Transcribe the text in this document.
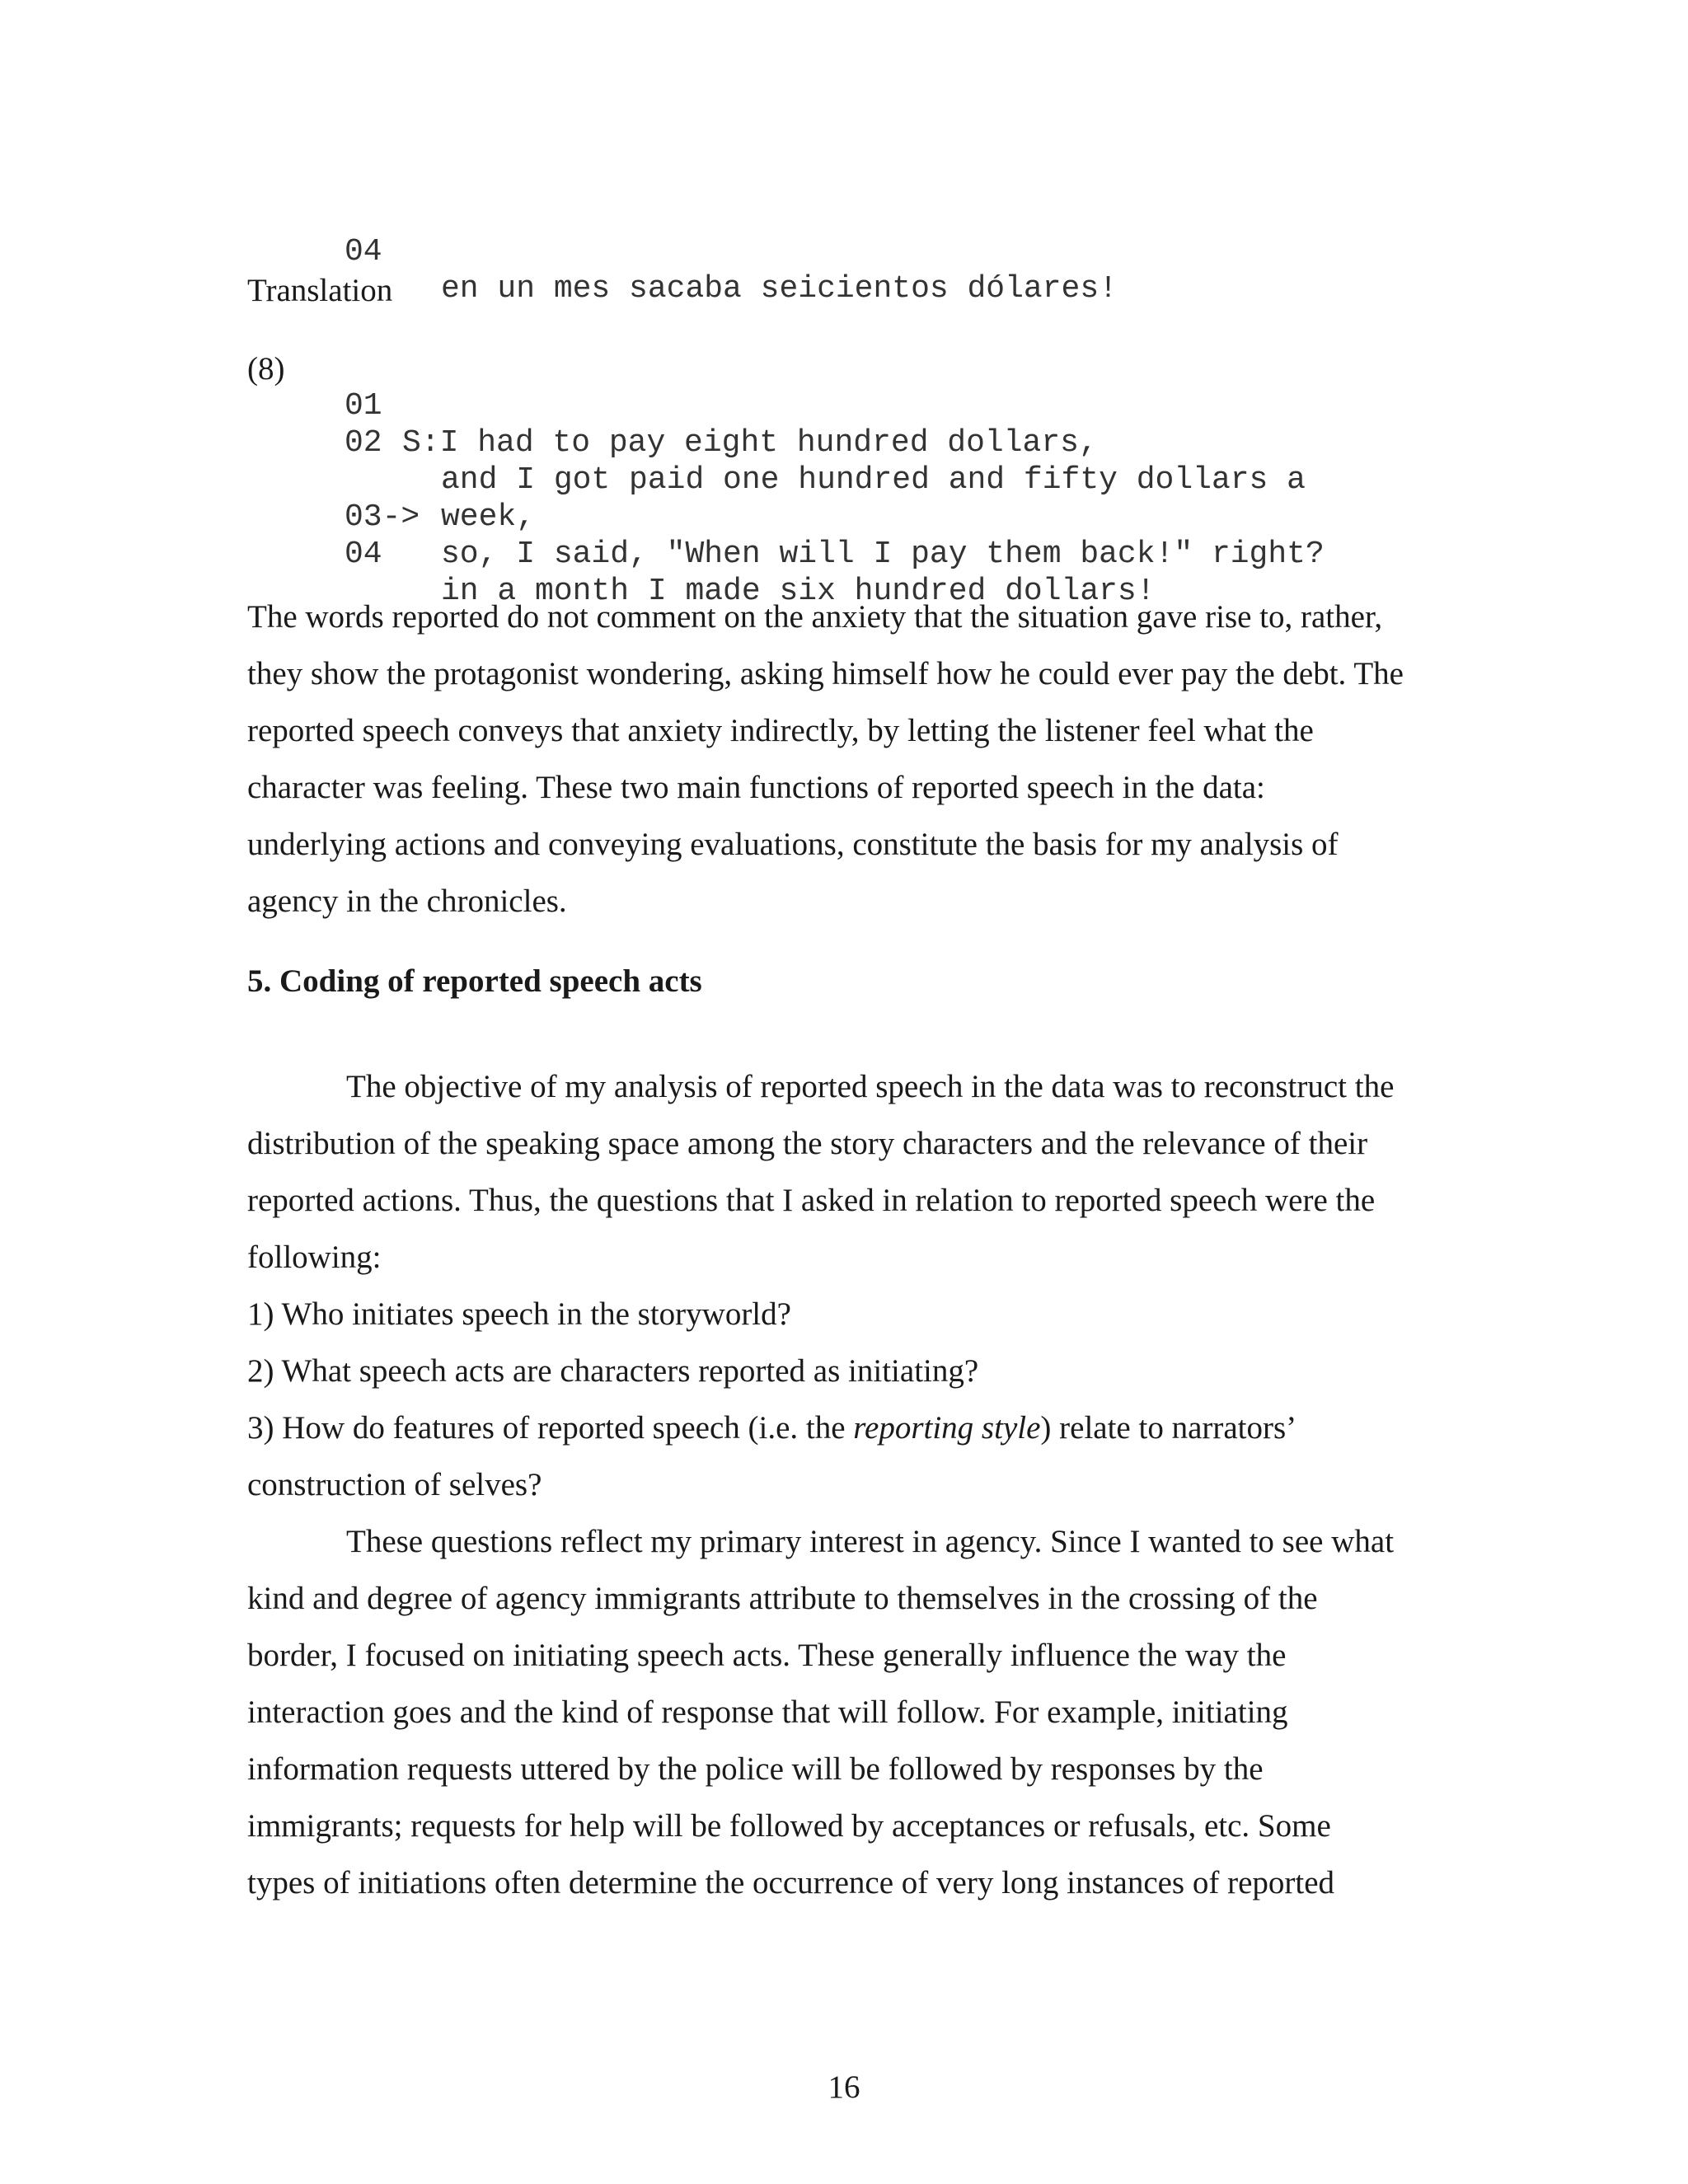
04

en un mes sacaba seicientos dólares!

Translation
(8)

01

S:I had to pay eight hundred dollars,

02

and I got paid one hundred and fifty dollars a

week,

03->

so, I said, "When will I pay them back!" right?

04

in a month I made six hundred dollars!

The words reported do not comment on the anxiety that the situation gave rise to, rather,
they show the protagonist wondering, asking himself how he could ever pay the debt. The
reported speech conveys that anxiety indirectly, by letting the listener feel what the
character was feeling. These two main functions of reported speech in the data:
underlying actions and conveying evaluations, constitute the basis for my analysis of
agency in the chronicles.
5. Coding of reported speech acts
The objective of my analysis of reported speech in the data was to reconstruct the
distribution of the speaking space among the story characters and the relevance of their
reported actions. Thus, the questions that I asked in relation to reported speech were the
following:
1) Who initiates speech in the storyworld?
2) What speech acts are characters reported as initiating?
3) How do features of reported speech (i.e. the reporting style) relate to narrators’
construction of selves?
These questions reflect my primary interest in agency. Since I wanted to see what
kind and degree of agency immigrants attribute to themselves in the crossing of the
border, I focused on initiating speech acts. These generally influence the way the
interaction goes and the kind of response that will follow. For example, initiating
information requests uttered by the police will be followed by responses by the
immigrants; requests for help will be followed by acceptances or refusals, etc. Some
types of initiations often determine the occurrence of very long instances of reported
16
